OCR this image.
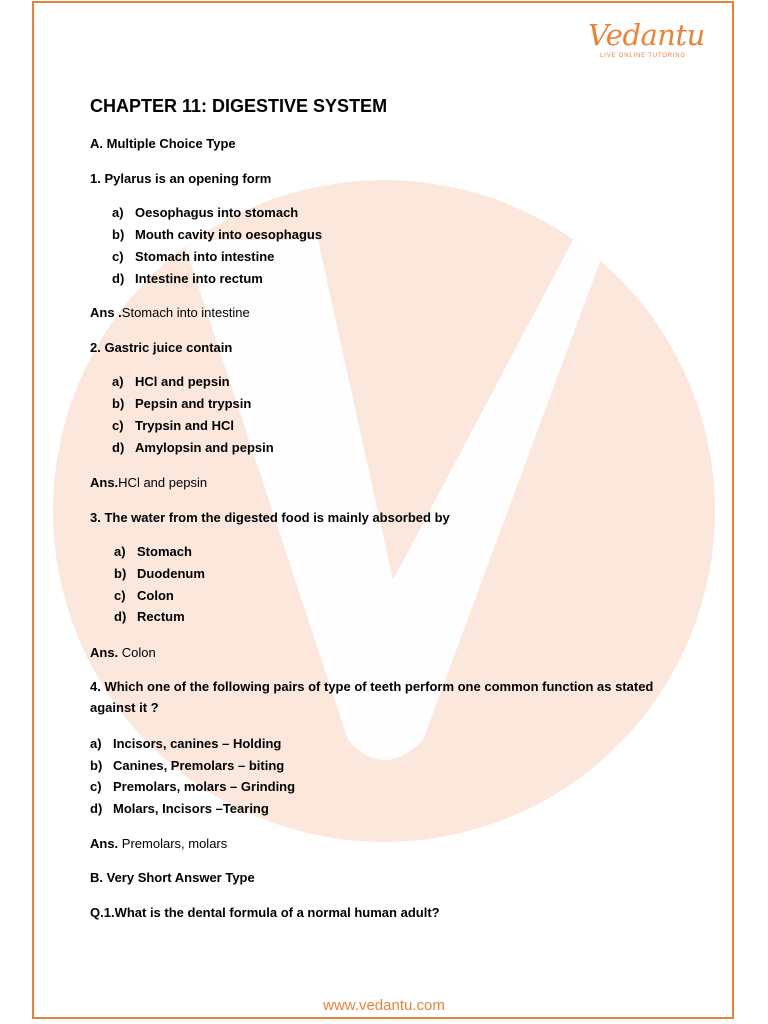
Vedantu
LIVE ONLINE TUTORING
CHAPTER 11: DIGESTIVE SYSTEM
A. Multiple Choice Type
1. Pylarus is an opening form
a) Oesophagus into stomach
b) Mouth cavity into oesophagus
c) Stomach into intestine
d) Intestine into rectum
Ans .Stomach into intestine
2. Gastric juice contain
a) HCl and pepsin
b) Pepsin and trypsin
c) Trypsin and HCl
d) Amylopsin and pepsin
Ans.HCl and pepsin
3. The water from the digested food is mainly absorbed by
a) Stomach
b) Duodenum
c) Colon
d) Rectum
Ans. Colon
4. Which one of the following pairs of type of teeth perform one common function as stated
against it ?
a) Incisors, canines – Holding
b) Canines, Premolars – biting
c) Premolars, molars – Grinding
d) Molars, Incisors –Tearing
Ans. Premolars, molars
B. Very Short Answer Type
Q.1.What is the dental formula of a normal human adult?
www.vedantu.com
